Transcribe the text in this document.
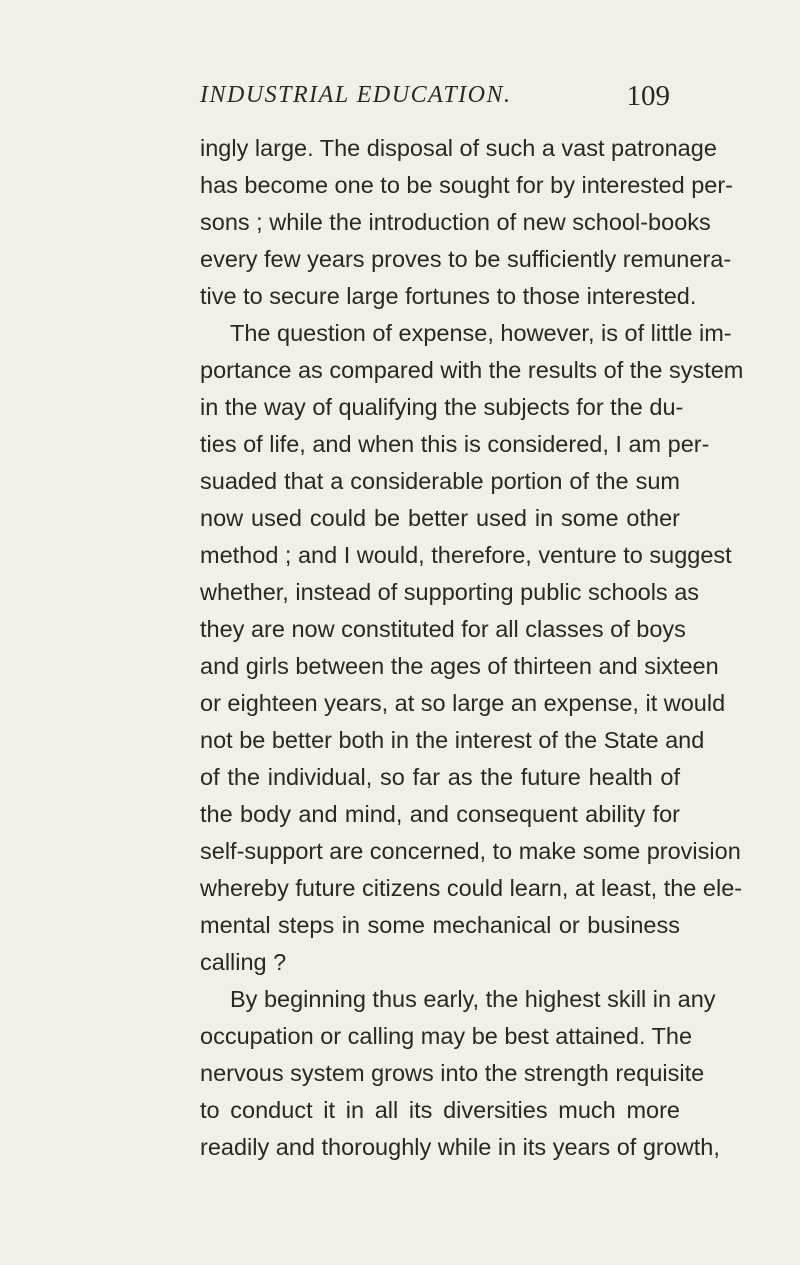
INDUSTRIAL EDUCATION.	109
ingly large. The disposal of such a vast patronage
has become one to be sought for by interested per-
sons ; while the introduction of new school-books
every few years proves to be sufficiently remunera-
tive to secure large fortunes to those interested.
The question of expense, however, is of little im-
portance as compared with the results of the system
in the way of qualifying the subjects for the du-
ties of life, and when this is considered, I am per-
suaded that a considerable portion of the sum
now used could be better used in some other
method ; and I would, therefore, venture to suggest
whether, instead of supporting public schools as
they are now constituted for all classes of boys
and girls between the ages of thirteen and sixteen
or eighteen years, at so large an expense, it would
not be better both in the interest of the State and
of the individual, so far as the future health of
the body and mind, and consequent ability for
self-support are concerned, to make some provision
whereby future citizens could learn, at least, the ele-
mental steps in some mechanical or business
calling ?
By beginning thus early, the highest skill in any
occupation or calling may be best attained. The
nervous system grows into the strength requisite
to conduct it in all its diversities much more
readily and thoroughly while in its years of growth,
